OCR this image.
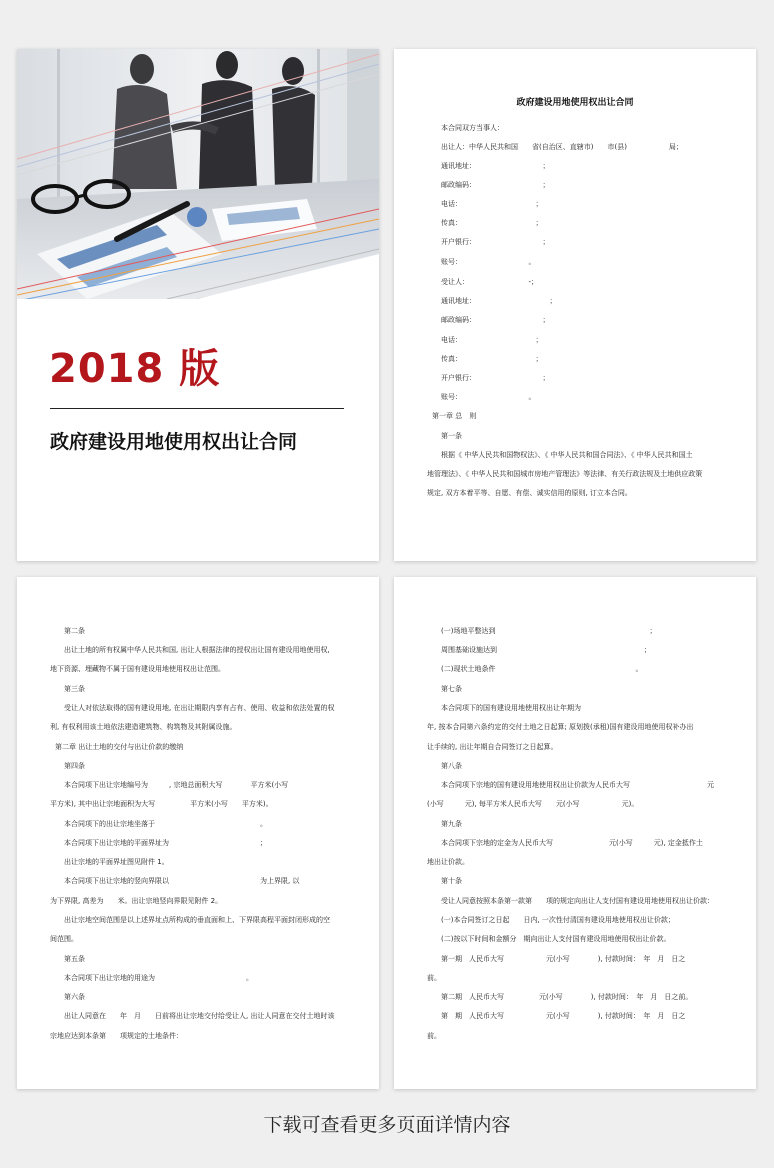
2018 版
政府建设用地使用权出让合同
政府建设用地使用权出让合同
本合同双方当事人：
出让人：中华人民共和国　　省(自治区、直辖市)　　市(县)　　　　　　局；
通讯地址：　　　　　　　　　　；
邮政编码：　　　　　　　　　　；
电话：　　　　　　　　　　　；
传真：　　　　　　　　　　　；
开户银行：　　　　　　　　　　；
账号：　　　　　　　　　　。
受让人：　　　　　　　　　-；
通讯地址：　　　　　　　　　　　；
邮政编码：　　　　　　　　　　；
电话：　　　　　　　　　　　；
传真：　　　　　　　　　　　；
开户银行：　　　　　　　　　　；
账号：　　　　　　　　　　。
第一章 总　则
第一条
根据《 中华人民共和国物权法》、《 中华人民共和国合同法》、《 中华人民共和国土
地管理法》、《 中华人民共和国城市房地产管理法》等法律、有关行政法规及土地供应政策
规定, 双方本着平等、自愿、有偿、诚实信用的原则, 订立本合同。
第二条
出让土地的所有权属中华人民共和国, 出让人根据法律的授权出让国有建设用地使用权,
地下资源、埋藏物不属于国有建设用地使用权出让范围。
第三条
受让人对依法取得的国有建设用地, 在出让期限内享有占有、使用、收益和依法处置的权
利, 有权利用该土地依法建造建筑物、构筑物及其附属设施。
第二章 出让土地的交付与出让价款的缴纳
第四条
本合同项下出让宗地编号为　　　, 宗地总面积大写　　　　平方米(小写
平方米), 其中出让宗地面积为大写　　　　　平方米(小写　　平方米)。
本合同项下的出让宗地坐落于　　　　　　　　　　　　　　　。
本合同项下出让宗地的平面界址为　　　　　　　　　　　　　；
出让宗地的平面界址图见附件 1。
本合同项下出让宗地的竖向界限以　　　　　　　　　　　　　为上界限, 以
为下界限, 高差为　　米。出让宗地竖向界限见附件 2。
出让宗地空间范围是以上述界址点所构成的垂直面和上、下界限高程平面封闭形成的空
间范围。
第五条
本合同项下出让宗地的用途为　　　　　　　　　　　　　。
第六条
出让人同意在　　年　月　　日前将出让宗地交付给受让人, 出让人同意在交付土地时该
宗地应达到本条第　　项规定的土地条件：
(一)场地平整达到　　　　　　　　　　　　　　　　　　　　　　；
周围基础设施达到　　　　　　　　　　　　　　　　　　　　　；
(二)现状土地条件　　　　　　　　　　　　　　　　　　　　。
第七条
本合同项下的国有建设用地使用权出让年期为
年, 按本合同第六条约定的交付土地之日起算; 原划拨(承租)国有建设用地使用权补办出
让手续的, 出让年期自合同签订之日起算。
第八条
本合同项下宗地的国有建设用地使用权出让价款为人民币大写　　　　　　　　　　　元
(小写　　　元), 每平方米人民币大写　　元(小写　　　　　　元)。
第九条
本合同项下宗地的定金为人民币大写　　　　　　　　元(小写　　　元), 定金抵作土
地出让价款。
第十条
受让人同意按照本条第一款第　　项的规定向出让人支付国有建设用地使用权出让价款：
(一)本合同签订之日起　　日内, 一次性付清国有建设用地使用权出让价款；
(二)按以下时间和金额分　期向出让人支付国有建设用地使用权出让价款。
第一期　人民币大写　　　　　　元(小写　　　　), 付款时间：　年　月　日之
前。
第二期　人民币大写　　　　　元(小写　　　　), 付款时间：　年　月　日之前。
第　期　人民币大写　　　　　　元(小写　　　　), 付款时间：　年　月　日之
前。
下载可查看更多页面详情内容
